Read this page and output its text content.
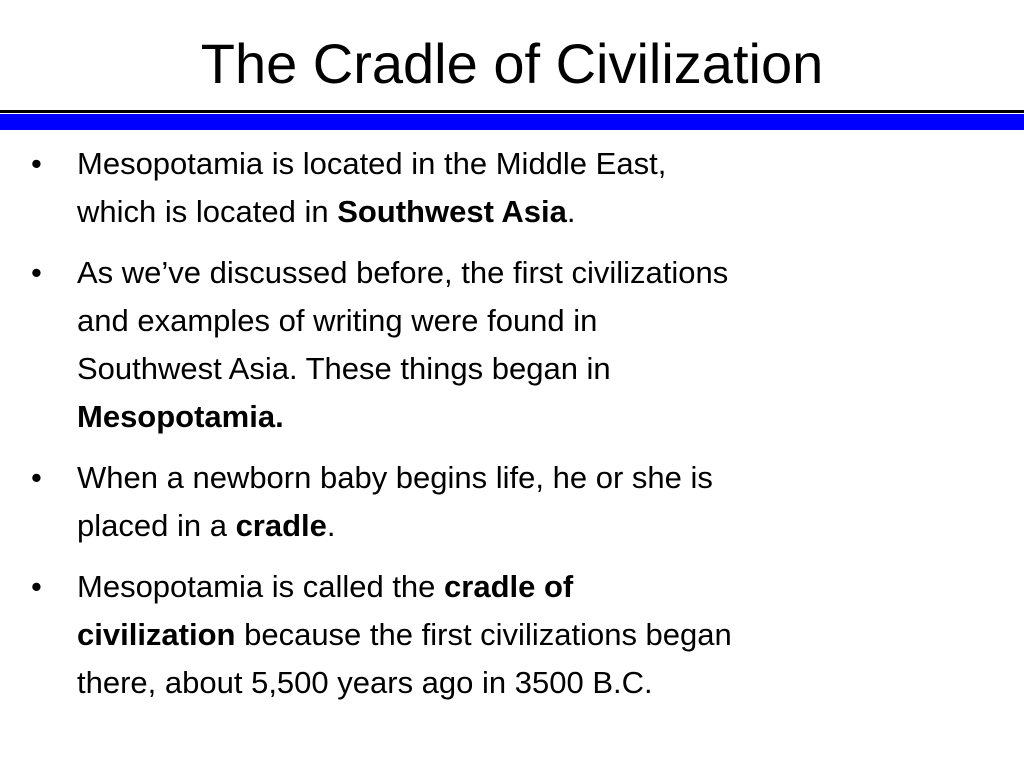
The Cradle of Civilization
• Mesopotamia is located in the Middle East,
which is located in Southwest Asia.
• As we’ve discussed before, the first civilizations
and examples of writing were found in
Southwest Asia. These things began in
Mesopotamia.
• When a newborn baby begins life, he or she is
placed in a cradle.
• Mesopotamia is called the cradle of
civilization because the first civilizations began
there, about 5,500 years ago in 3500 B.C.
